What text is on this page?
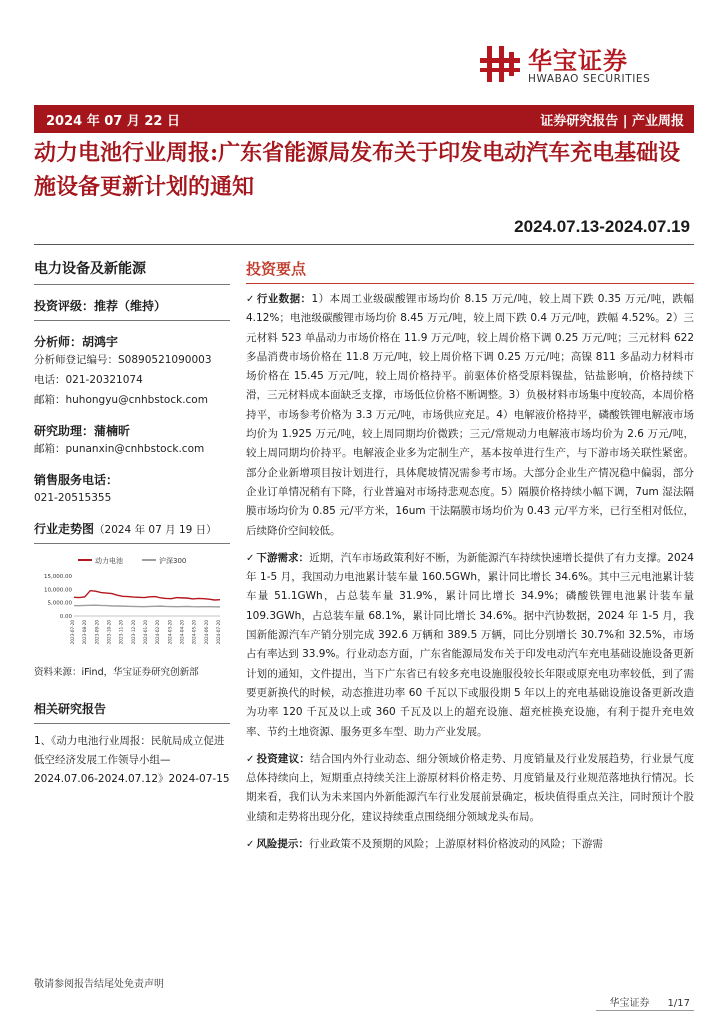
华宝证券
HWABAO SECURITIES
2024 年 07 月 22 日	证券研究报告 | 产业周报
动力电池行业周报:广东省能源局发布关于印发电动汽车充电基础设施设备更新计划的通知
2024.07.13-2024.07.19
电力设备及新能源
投资评级：推荐（维持）
分析师：胡鸿宇
分析师登记编号：S0890521090003
电话：021-20321074
邮箱：huhongyu@cnhbstock.com
研究助理：蒲楠昕
邮箱：punanxin@cnhbstock.com
销售服务电话：
021-20515355
行业走势图（2024 年 07 月 19 日）
动力电池	沪深300
15,000.00
10,000.00
5,000.00
0.00
2023-07-20 2023-08-20 2023-09-20 2023-10-20 2023-11-20 2023-12-20 2024-01-20 2024-02-20 2024-03-20 2024-04-20 2024-05-20 2024-06-20 2024-07-20
资料来源：iFind，华宝证券研究创新部
相关研究报告
1、《动力电池行业周报：民航局成立促进低空经济发展工作领导小组—2024.07.06-2024.07.12》2024-07-15
投资要点

✓ 行业数据：1）本周工业级碳酸锂市场均价 8.15 万元/吨，较上周下跌 0.35 万元/吨，跌幅 4.12%；电池级碳酸锂市场均价 8.45 万元/吨，较上周下跌 0.4 万元/吨，跌幅 4.52%。2）三元材料 523 单晶动力市场价格在 11.9 万元/吨，较上周价格下调 0.25 万元/吨；三元材料 622 多晶消费市场价格在 11.8 万元/吨，较上周价格下调 0.25 万元/吨；高镍 811 多晶动力材料市场价格在 15.45 万元/吨，较上周价格持平。前驱体价格受原料镍盐，钴盐影响，价格持续下滑，三元材料成本面缺乏支撑，市场低位价格不断调整。3）负极材料市场集中度较高，本周价格持平，市场参考价格为 3.3 万元/吨，市场供应充足。4）电解液价格持平，磷酸铁锂电解液市场均价为 1.925 万元/吨，较上周同期均价微跌；三元/常规动力电解液市场均价为 2.6 万元/吨，较上周同期均价持平。电解液企业多为定制生产，基本按单进行生产，与下游市场关联性紧密。部分企业新增项目按计划进行，具体爬坡情况需参考市场。大部分企业生产情况稳中偏弱，部分企业订单情况稍有下降，行业普遍对市场持悲观态度。5）隔膜价格持续小幅下调，7um 湿法隔膜市场均价为 0.85 元/平方米，16um 干法隔膜市场均价为 0.43 元/平方米，已行至相对低位，后续降价空间较低。

✓ 下游需求：近期，汽车市场政策利好不断，为新能源汽车持续快速增长提供了有力支撑。2024 年 1-5 月，我国动力电池累计装车量 160.5GWh，累计同比增长 34.6%。其中三元电池累计装车量 51.1GWh，占总装车量 31.9%，累计同比增长 34.9%；磷酸铁锂电池累计装车量 109.3GWh，占总装车量 68.1%，累计同比增长 34.6%。据中汽协数据，2024 年 1-5 月，我国新能源汽车产销分别完成 392.6 万辆和 389.5 万辆，同比分别增长 30.7%和 32.5%，市场占有率达到 33.9%。行业动态方面，广东省能源局发布关于印发电动汽车充电基础设施设备更新计划的通知，文件提出，当下广东省已有较多充电设施服役较长年限或原充电功率较低，到了需要更新换代的时候，动态推进功率 60 千瓦以下或服役期 5 年以上的充电基础设施设备更新改造为功率 120 千瓦及以上或 360 千瓦及以上的超充设施、超充桩换充设施，有利于提升充电效率、节约土地资源、服务更多车型、助力产业发展。

✓ 投资建议：结合国内外行业动态、细分领域价格走势、月度销量及行业发展趋势，行业景气度总体持续向上，短期重点持续关注上游原材料价格走势、月度销量及行业规范落地执行情况。长期来看，我们认为未来国内外新能源汽车行业发展前景确定，板块值得重点关注，同时预计个股业绩和走势将出现分化，建议持续重点围绕细分领域龙头布局。

✓ 风险提示：行业政策不及预期的风险；上游原材料价格波动的风险；下游需

敬请参阅报告结尾处免责声明
华宝证券 1/17
